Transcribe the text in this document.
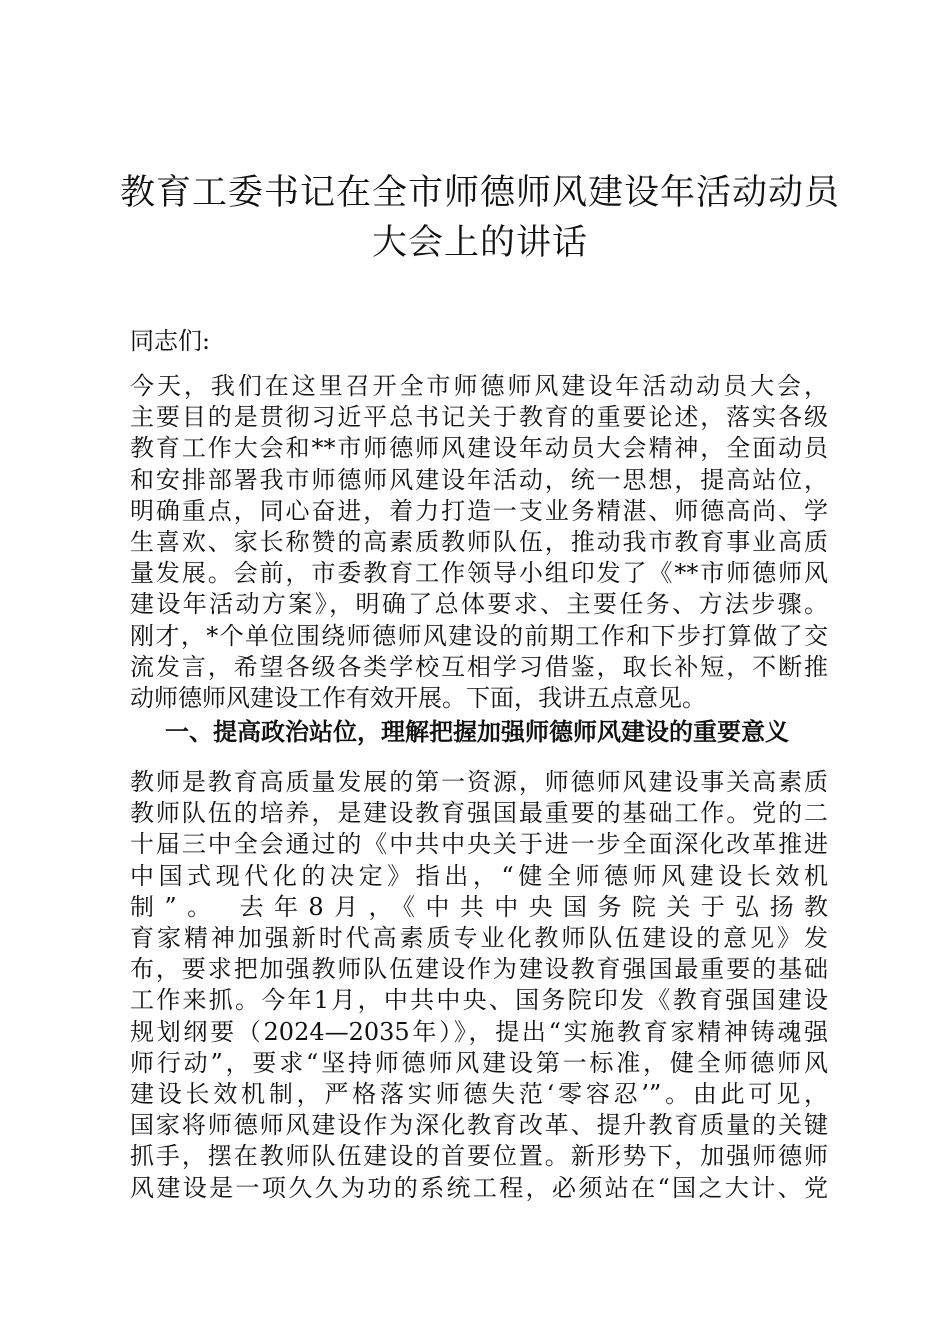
教育工委书记在全市师德师风建设年活动动员
大会上的讲话

同志们:

今天，我们在这里召开全市师德师风建设年活动动员大会，
主要目的是贯彻习近平总书记关于教育的重要论述，落实各级
教育工作大会和**市师德师风建设年动员大会精神，全面动员
和安排部署我市师德师风建设年活动，统一思想，提高站位，
明确重点，同心奋进，着力打造一支业务精湛、师德高尚、学
生喜欢、家长称赞的高素质教师队伍，推动我市教育事业高质
量发展。会前，市委教育工作领导小组印发了《**市师德师风
建设年活动方案》，明确了总体要求、主要任务、方法步骤。
刚才，*个单位围绕师德师风建设的前期工作和下步打算做了交
流发言，希望各级各类学校互相学习借鉴，取长补短，不断推
动师德师风建设工作有效开展。下面，我讲五点意见。
一、提高政治站位，理解把握加强师德师风建设的重要意义
教师是教育高质量发展的第一资源，师德师风建设事关高素质
教师队伍的培养，是建设教育强国最重要的基础工作。党的二
十届三中全会通过的《中共中央关于进一步全面深化改革推进
中国式现代化的决定》指出，“健全师德师风建设长效机
制”。 去年8月，《中共中央国务院关于弘扬教
育家精神加强新时代高素质专业化教师队伍建设的意见》发
布，要求把加强教师队伍建设作为建设教育强国最重要的基础
工作来抓。今年1月，中共中央、国务院印发《教育强国建设
规划纲要（2024—2035年）》，提出“实施教育家精神铸魂强
师行动”，要求“坚持师德师风建设第一标准，健全师德师风
建设长效机制，严格落实师德失范‘零容忍’”。由此可见，
国家将师德师风建设作为深化教育改革、提升教育质量的关键
抓手，摆在教师队伍建设的首要位置。新形势下，加强师德师
风建设是一项久久为功的系统工程，必须站在“国之大计、党
